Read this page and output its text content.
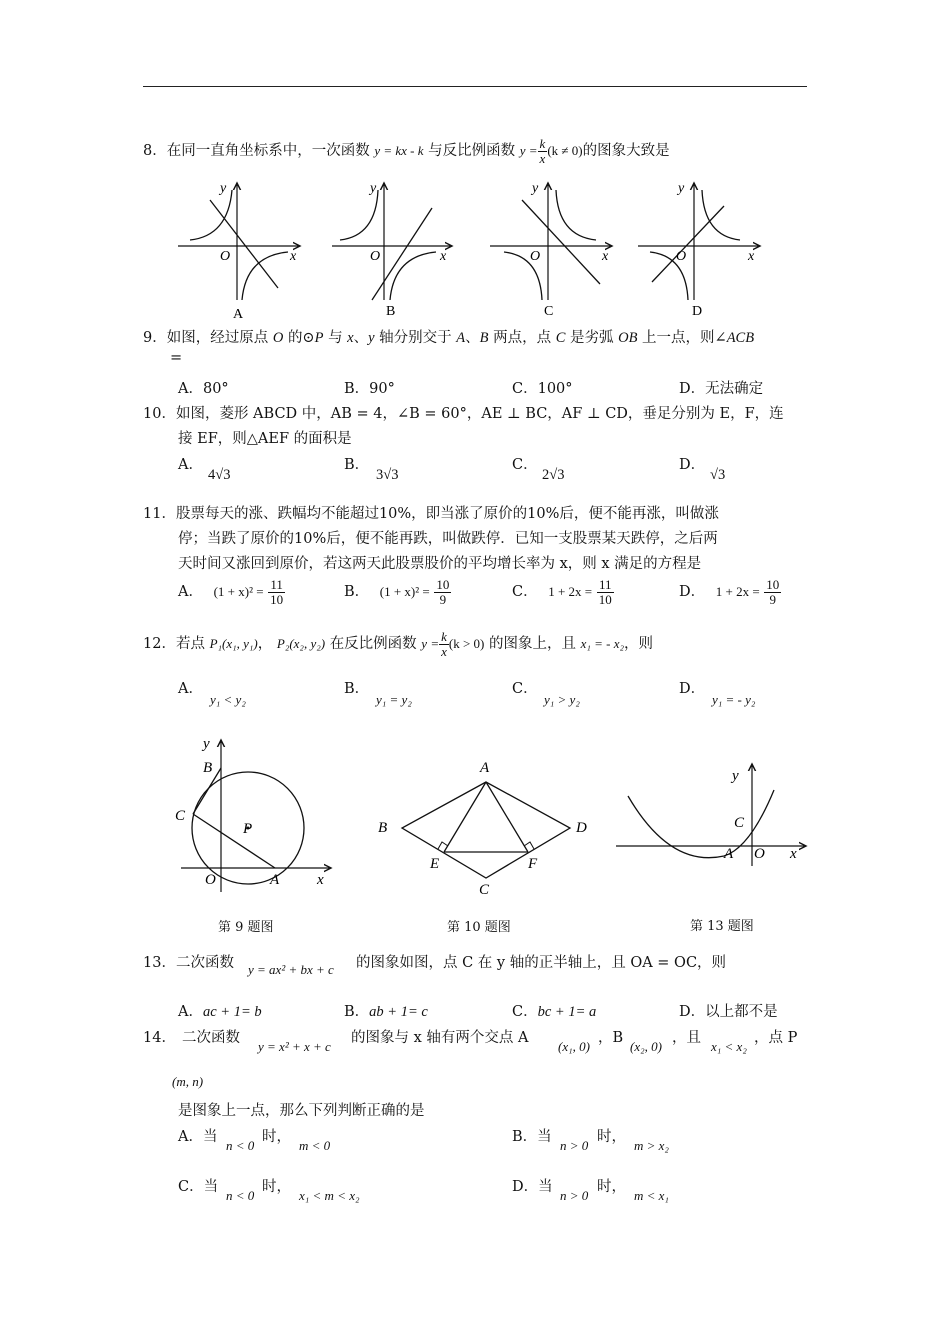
8．在同一直角坐标系中，一次函数 y = kx - k 与反比例函数 $y = \frac{k}{x} (k \ne 0)$的图象大致是
y
O	x
A
y
O	x
B
y
O	x
C
y
O	x
D
9．如图，经过原点 O 的⊙P 与 x、y 轴分别交于 A、B 两点，点 C 是劣弧 OB 上一点，则∠ACB
=
A．80°	B．90°	C．100°	D．无法确定
10．如图，菱形 ABCD 中，AB = 4，∠B = 60°，AE ⊥ BC，AF ⊥ CD，垂足分别为 E，F，连
接 EF，则△AEF 的面积是
A．
4√3
B．
3√3
C．
2√3
D．
√3
11．股票每天的涨、跌幅均不能超过10%，即当涨了原价的10%后，便不能再涨，叫做涨
停；当跌了原价的10%后，便不能再跌，叫做跌停．已知一支股票某天跌停，之后两
天时间又涨回到原价，若这两天此股票股价的平均增长率为 x，则 x 满足的方程是
A． $(1 + x)^2 = \frac{11}{10}$	B． $(1 + x)^2 = \frac{10}{9}$	C． $1 + 2x = \frac{11}{10}$	D． $1 + 2x = \frac{10}{9}$
12．若点 P₁(x₁, y₁)， P₂(x₂, y₂) 在反比例函数 $y = \frac{k}{x} (k > 0)$ 的图象上，且 x₁ = - x₂，则
A．
y₁ < y₂
B．
y₁ = y₂
C．
y₁ > y₂
D．
y₁ = - y₂
y
B
C
P
O	A	x
第 9 题图
A
B	D
E	F
C
第 10 题图
y
C
A O x
第 13 题图
13．二次函数 y = ax² + bx + c 的图象如图，点 C 在 y 轴的正半轴上，且 OA = OC，则
A．ac + 1= b	B．ab + 1= c	C．bc + 1= a	D．以上都不是
14． 二次函数
y = x² + x + c
的图象与 x 轴有两个交点 A
(x₁, 0)
，B
(x₂, 0)
，且
x₁ < x₂
，点 P
(m, n)
是图象上一点，那么下列判断正确的是
A．当
n < 0
时，
m < 0
B．当
n > 0
时，
m > x₂
C．当
n < 0
时，
x₁ < m < x₂
D．当
n > 0
时，
m < x₁
